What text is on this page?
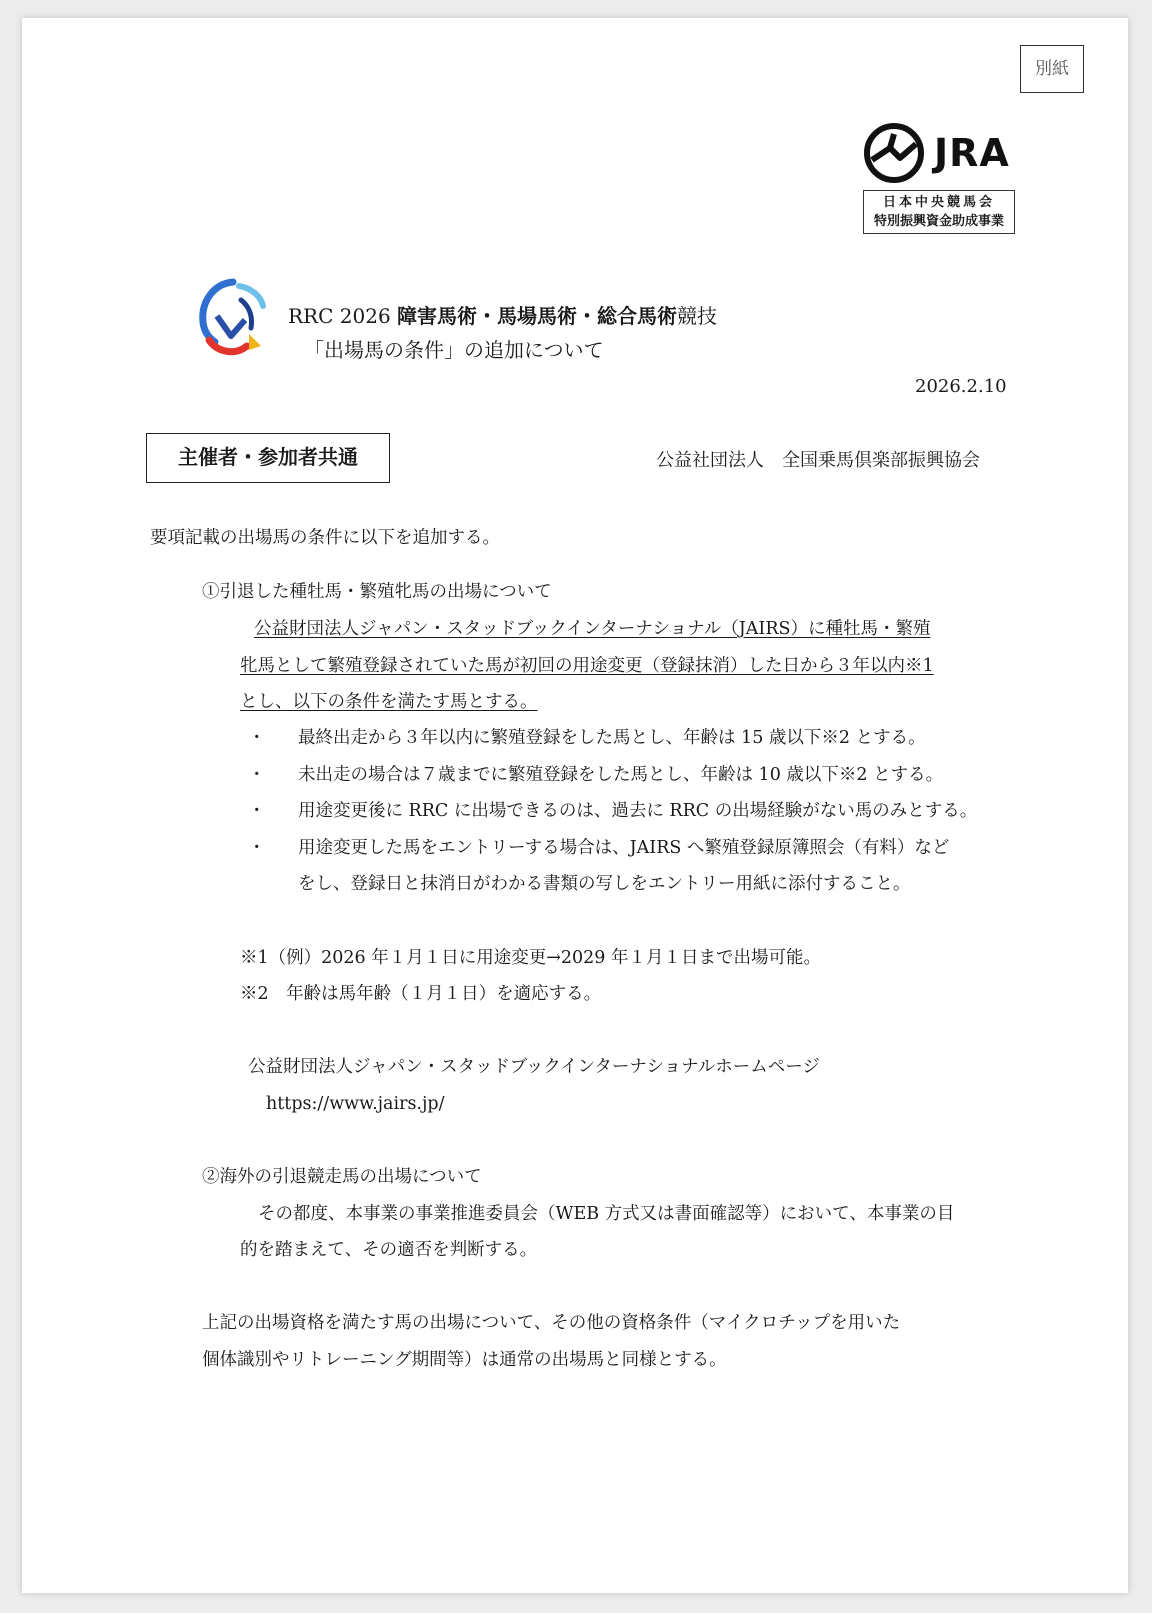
別紙
JRA
日本中央競馬会
特別振興資金助成事業
RRC 2026 障害馬術・馬場馬術・総合馬術競技
「出場馬の条件」の追加について
2026.2.10
主催者・参加者共通	公益社団法人　全国乗馬倶楽部振興協会
要項記載の出場馬の条件に以下を追加する。
①引退した種牡馬・繁殖牝馬の出場について
公益財団法人ジャパン・スタッドブックインターナショナル（JAIRS）に種牡馬・繁殖
牝馬として繁殖登録されていた馬が初回の用途変更（登録抹消）した日から３年以内※1
とし、以下の条件を満たす馬とする。
・ 最終出走から３年以内に繁殖登録をした馬とし、年齢は 15 歳以下※2 とする。
・ 未出走の場合は７歳までに繁殖登録をした馬とし、年齢は 10 歳以下※2 とする。
・ 用途変更後に RRC に出場できるのは、過去に RRC の出場経験がない馬のみとする。
・ 用途変更した馬をエントリーする場合は、JAIRS へ繁殖登録原簿照会（有料）など
をし、登録日と抹消日がわかる書類の写しをエントリー用紙に添付すること。
※1（例）2026 年１月１日に用途変更→2029 年１月１日まで出場可能。
※2　年齢は馬年齢（１月１日）を適応する。
公益財団法人ジャパン・スタッドブックインターナショナルホームページ
https://www.jairs.jp/
②海外の引退競走馬の出場について
その都度、本事業の事業推進委員会（WEB 方式又は書面確認等）において、本事業の目
的を踏まえて、その適否を判断する。
上記の出場資格を満たす馬の出場について、その他の資格条件（マイクロチップを用いた
個体識別やリトレーニング期間等）は通常の出場馬と同様とする。
